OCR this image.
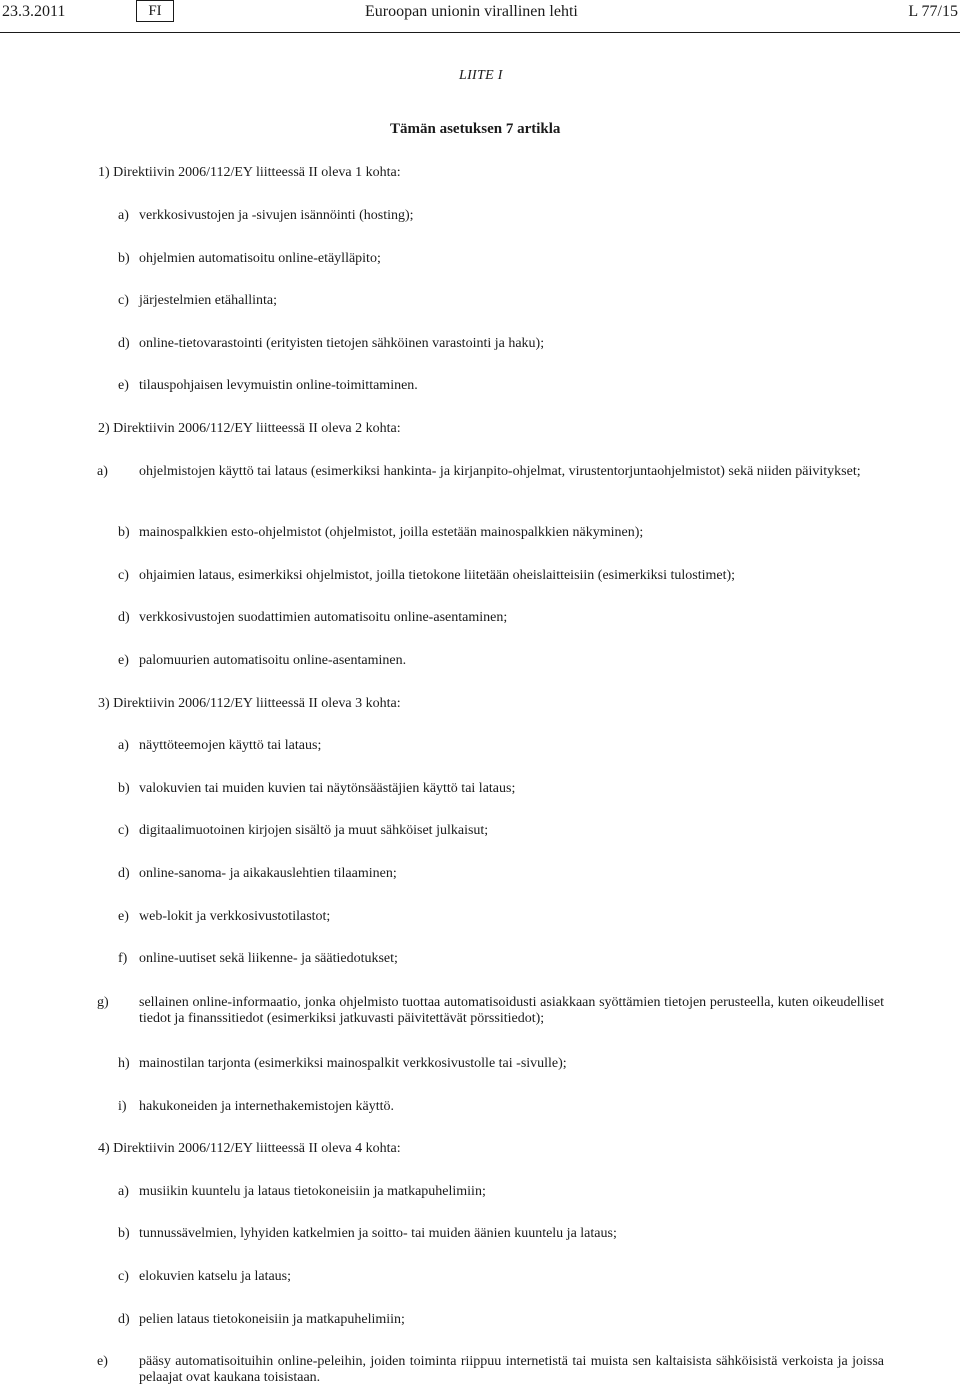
23.3.2011	FI	Euroopan unionin virallinen lehti	L 77/15
LIITE I
Tämän asetuksen 7 artikla
1) Direktiivin 2006/112/EY liitteessä II oleva 1 kohta:
a) verkkosivustojen ja -sivujen isännöinti (hosting);
b) ohjelmien automatisoitu online-etäylläpito;
c) järjestelmien etähallinta;
d) online-tietovarastointi (erityisten tietojen sähköinen varastointi ja haku);
e) tilauspohjaisen levymuistin online-toimittaminen.
2) Direktiivin 2006/112/EY liitteessä II oleva 2 kohta:
a) ohjelmistojen käyttö tai lataus (esimerkiksi hankinta- ja kirjanpito-ohjelmat, virustentorjuntaohjelmistot) sekä niiden päivitykset;
b) mainospalkkien esto-ohjelmistot (ohjelmistot, joilla estetään mainospalkkien näkyminen);
c) ohjaimien lataus, esimerkiksi ohjelmistot, joilla tietokone liitetään oheislaitteisiin (esimerkiksi tulostimet);
d) verkkosivustojen suodattimien automatisoitu online-asentaminen;
e) palomuurien automatisoitu online-asentaminen.
3) Direktiivin 2006/112/EY liitteessä II oleva 3 kohta:
a) näyttöteemojen käyttö tai lataus;
b) valokuvien tai muiden kuvien tai näytönsäästäjien käyttö tai lataus;
c) digitaalimuotoinen kirjojen sisältö ja muut sähköiset julkaisut;
d) online-sanoma- ja aikakauslehtien tilaaminen;
e) web-lokit ja verkkosivustotilastot;
f) online-uutiset sekä liikenne- ja säätiedotukset;
g) sellainen online-informaatio, jonka ohjelmisto tuottaa automatisoidusti asiakkaan syöttämien tietojen perusteella, kuten oikeudelliset tiedot ja finanssitiedot (esimerkiksi jatkuvasti päivitettävät pörssitiedot);
h) mainostilan tarjonta (esimerkiksi mainospalkit verkkosivustolle tai -sivulle);
i) hakukoneiden ja internethakemistojen käyttö.
4) Direktiivin 2006/112/EY liitteessä II oleva 4 kohta:
a) musiikin kuuntelu ja lataus tietokoneisiin ja matkapuhelimiin;
b) tunnussävelmien, lyhyiden katkelmien ja soitto- tai muiden äänien kuuntelu ja lataus;
c) elokuvien katselu ja lataus;
d) pelien lataus tietokoneisiin ja matkapuhelimiin;
e) pääsy automatisoituihin online-peleihin, joiden toiminta riippuu internetistä tai muista sen kaltaisista sähköisistä verkoista ja joissa pelaajat ovat kaukana toisistaan.
